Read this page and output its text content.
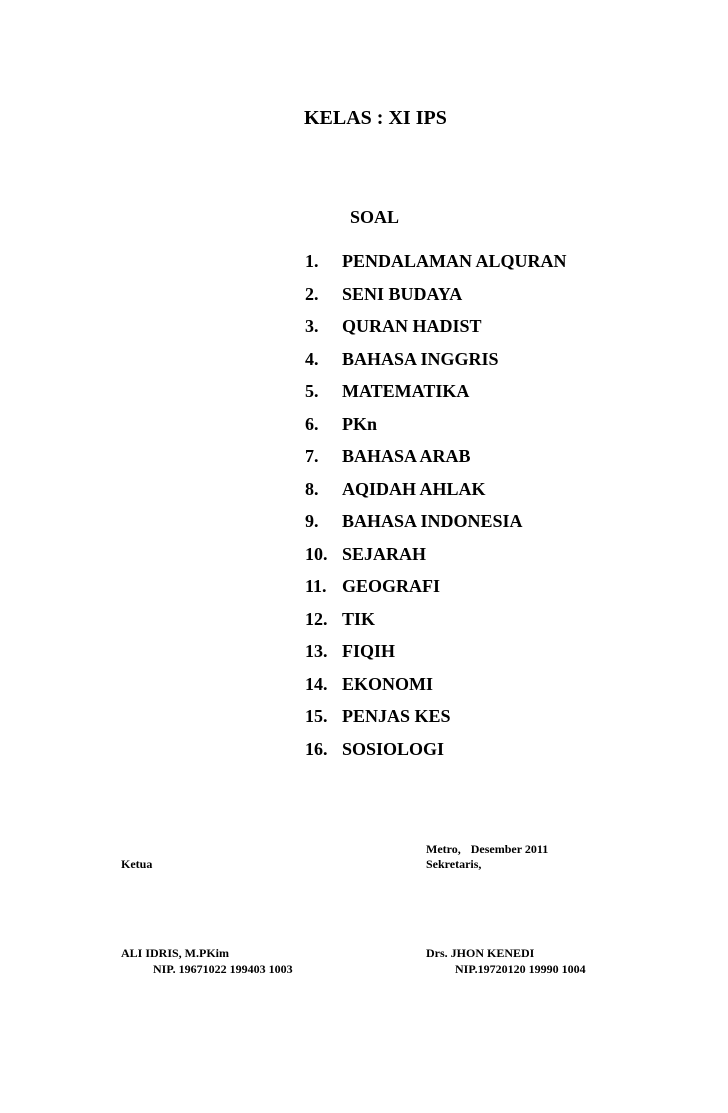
KELAS : XI IPS
SOAL
1. PENDALAMAN ALQURAN
2. SENI BUDAYA
3. QURAN HADIST
4. BAHASA INGGRIS
5. MATEMATIKA
6. PKn
7. BAHASA ARAB
8. AQIDAH AHLAK
9. BAHASA INDONESIA
10. SEJARAH
11. GEOGRAFI
12. TIK
13. FIQIH
14. EKONOMI
15. PENJAS KES
16. SOSIOLOGI
Metro, Desember 2011
Ketua	Sekretaris,
ALI IDRIS, M.PKim
NIP. 19671022 199403 1003
Drs. JHON KENEDI
NIP.19720120 19990 1004
